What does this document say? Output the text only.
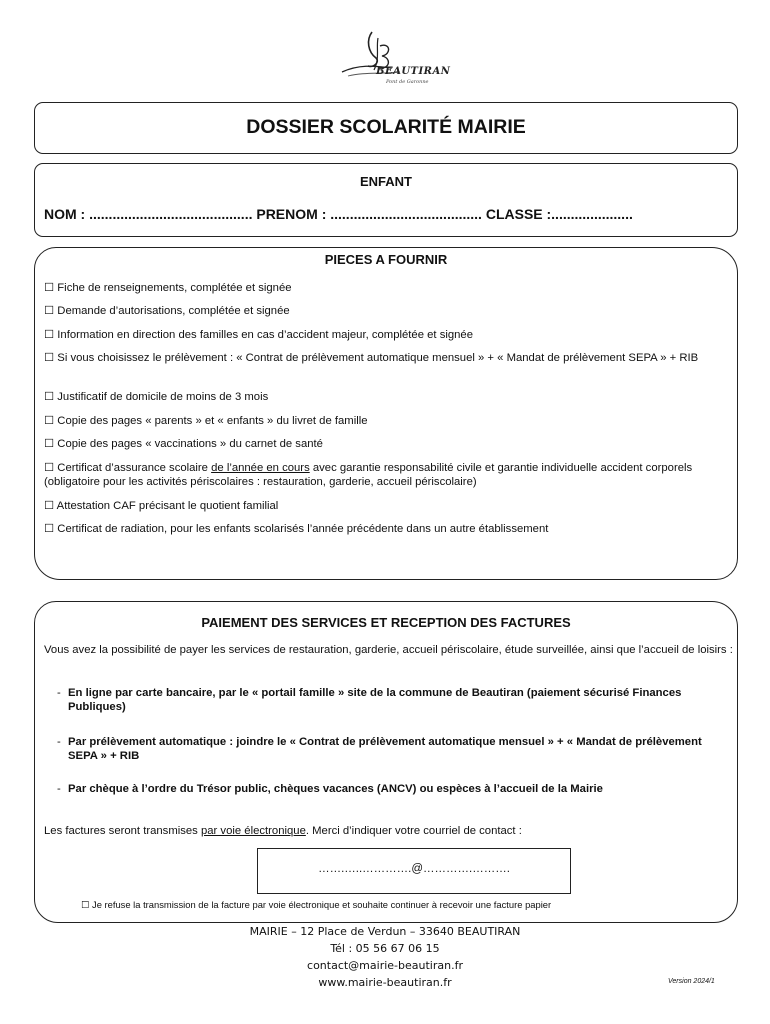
BEAUTIRAN
Pont de Garonne
DOSSIER SCOLARITÉ MAIRIE
ENFANT
NOM : .......................................... PRENOM : ....................................... CLASSE :.....................
PIECES A FOURNIR
☐ Fiche de renseignements, complétée et signée
☐ Demande d’autorisations, complétée et signée
☐ Information en direction des familles en cas d’accident majeur, complétée et signée
☐ Si vous choisissez le prélèvement : « Contrat de prélèvement automatique mensuel » + « Mandat de prélèvement SEPA » + RIB
☐ Justificatif de domicile de moins de 3 mois
☐ Copie des pages « parents » et « enfants » du livret de famille
☐ Copie des pages « vaccinations » du carnet de santé
☐ Certificat d’assurance scolaire de l’année en cours avec garantie responsabilité civile et garantie individuelle accident corporels (obligatoire pour les activités périscolaires : restauration, garderie, accueil périscolaire)
☐ Attestation CAF précisant le quotient familial
☐ Certificat de radiation, pour les enfants scolarisés l’année précédente dans un autre établissement
PAIEMENT DES SERVICES ET RECEPTION DES FACTURES
Vous avez la possibilité de payer les services de restauration, garderie, accueil périscolaire, étude surveillée, ainsi que l’accueil de loisirs :
- En ligne par carte bancaire, par le « portail famille » site de la commune de Beautiran (paiement sécurisé Finances Publiques)
- Par prélèvement automatique : joindre le « Contrat de prélèvement automatique mensuel » + « Mandat de prélèvement SEPA » + RIB
- Par chèque à l’ordre du Trésor public, chèques vacances (ANCV) ou espèces à l’accueil de la Mairie
Les factures seront transmises par voie électronique. Merci d’indiquer votre courriel de contact :
…….…..………….@………….……….
☐ Je refuse la transmission de la facture par voie électronique et souhaite continuer à recevoir une facture papier
MAIRIE – 12 Place de Verdun – 33640 BEAUTIRAN
Tél : 05 56 67 06 15
contact@mairie-beautiran.fr
www.mairie-beautiran.fr	Version 2024/1
